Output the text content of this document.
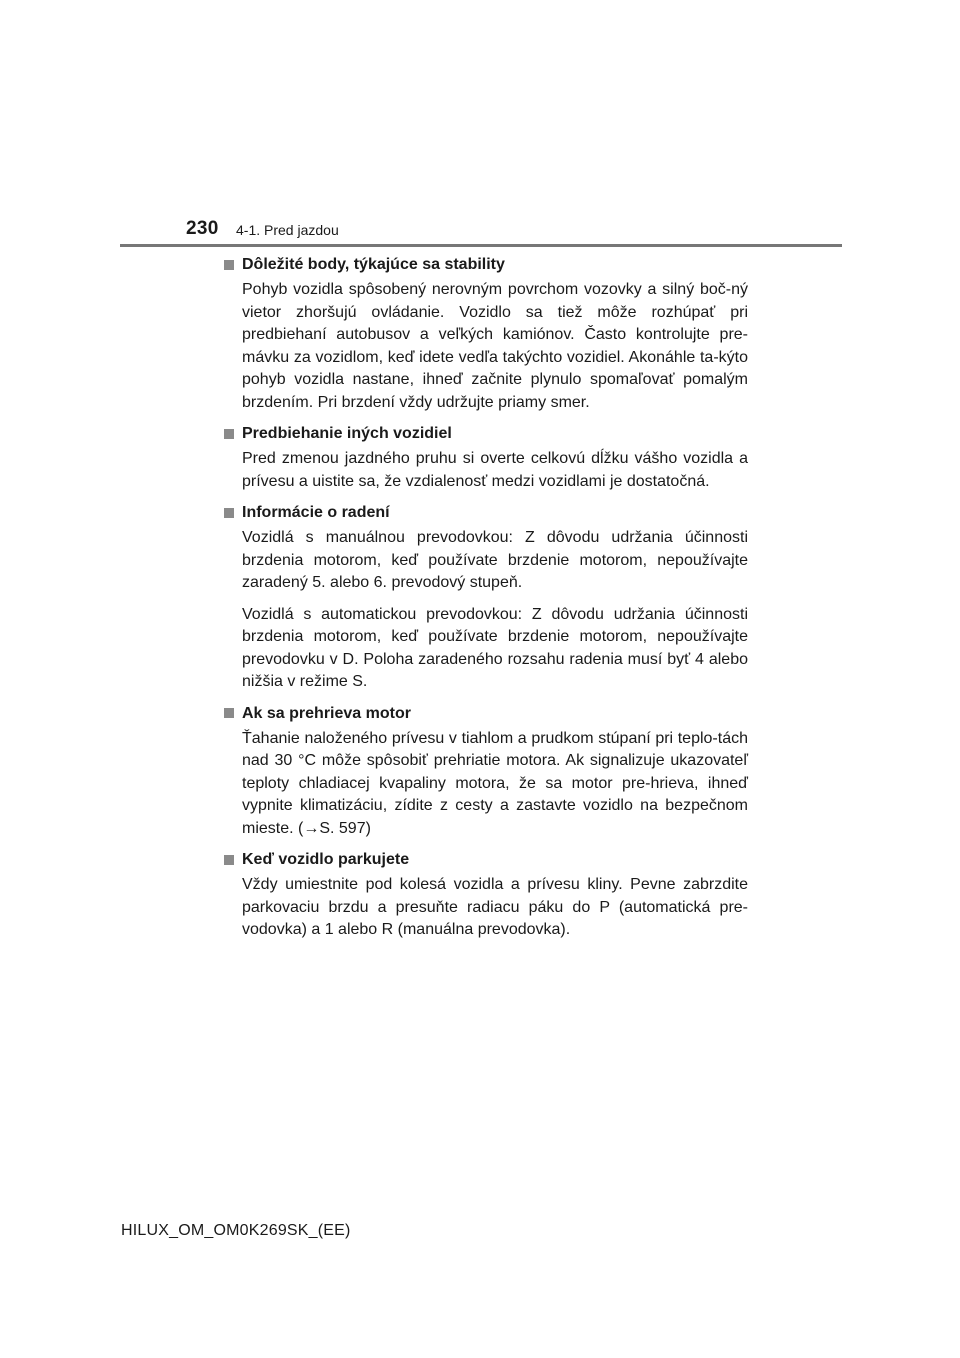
230 4-1. Pred jazdou
Dôležité body, týkajúce sa stability

Pohyb vozidla spôsobený nerovným povrchom vozovky a silný boč-ný vietor zhoršujú ovládanie. Vozidlo sa tiež môže rozhúpať pri predbiehaní autobusov a veľkých kamiónov. Často kontrolujte pre-mávku za vozidlom, keď idete vedľa takýchto vozidiel. Akonáhle ta-kýto pohyb vozidla nastane, ihneď začnite plynulo spomaľovať pomalým brzdením. Pri brzdení vždy udržujte priamy smer.

Predbiehanie iných vozidiel

Pred zmenou jazdného pruhu si overte celkovú dĺžku vášho vozidla a prívesu a uistite sa, že vzdialenosť medzi vozidlami je dostatočná.

Informácie o radení

Vozidlá s manuálnou prevodovkou: Z dôvodu udržania účinnosti brzdenia motorom, keď používate brzdenie motorom, nepoužívajte zaradený 5. alebo 6. prevodový stupeň.

Vozidlá s automatickou prevodovkou: Z dôvodu udržania účinnosti brzdenia motorom, keď používate brzdenie motorom, nepoužívajte prevodovku v D. Poloha zaradeného rozsahu radenia musí byť 4 alebo nižšia v režime S.

Ak sa prehrieva motor

Ťahanie naloženého prívesu v tiahlom a prudkom stúpaní pri teplo-tách nad 30 °C môže spôsobiť prehriatie motora. Ak signalizuje ukazovateľ teploty chladiacej kvapaliny motora, že sa motor pre-hrieva, ihneď vypnite klimatizáciu, zídite z cesty a zastavte vozidlo na bezpečnom mieste. (→S. 597)

Keď vozidlo parkujete

Vždy umiestnite pod kolesá vozidla a prívesu kliny. Pevne zabrzdite parkovaciu brzdu a presuňte radiacu páku do P (automatická pre-vodovka) a 1 alebo R (manuálna prevodovka).

HILUX_OM_OM0K269SK_(EE)
